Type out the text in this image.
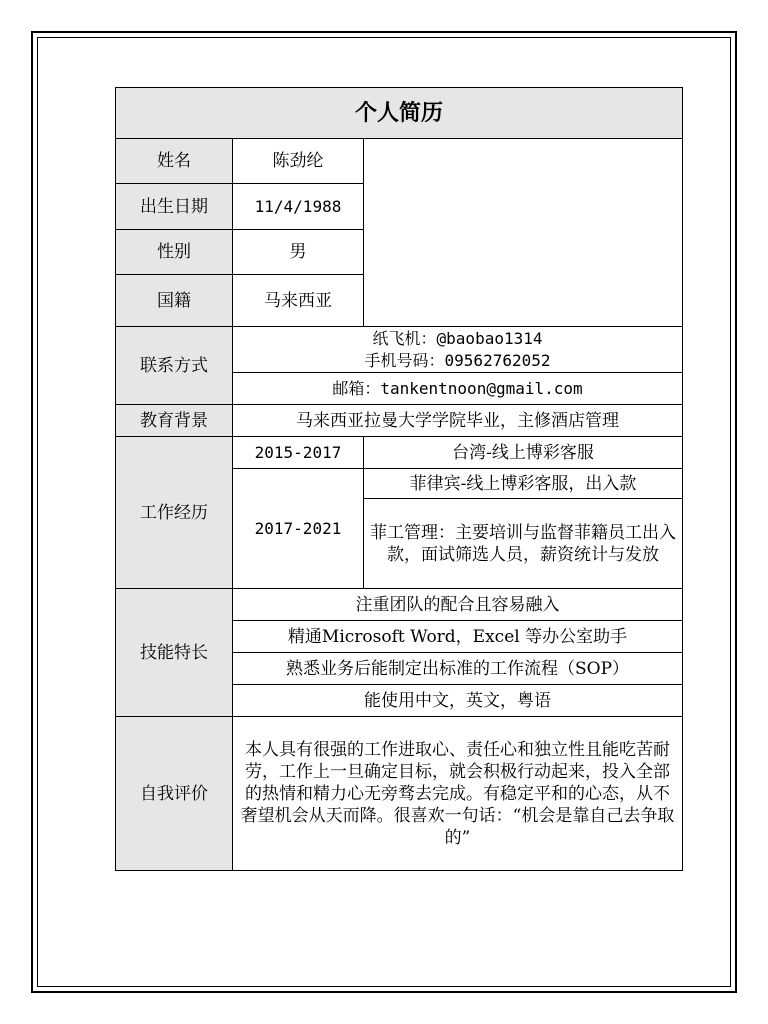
个人简历		
姓名	陈劲纶	
出生日期	11/4/1988	
性别	男	
国籍	马来西亚	
联系方式	纸飞机：@baobao1314
手机号码：09562762052	

	邮箱：tankentnoon@gmail.com	
教育背景	马来西亚拉曼大学学院毕业，主修酒店管理	
工作经历	2015-2017	台湾-线上博彩客服
	2017-2021	菲律宾-线上博彩客服，出入款
		菲工管理：主要培训与监督菲籍员工出入款，面试筛选人员，薪资统计与发放
技能特长	注重团队的配合且容易融入	
	精通Microsoft Word，Excel 等办公室助手	
	熟悉业务后能制定出标准的工作流程（SOP）	
	能使用中文，英文，粤语	
自我评价	本人具有很强的工作进取心、责任心和独立性且能吃苦耐劳，工作上一旦确定目标，就会积极行动起来，投入全部的热情和精力心无旁骛去完成。有稳定平和的心态，从不奢望机会从天而降。很喜欢一句话：“机会是靠自己去争取的”	
